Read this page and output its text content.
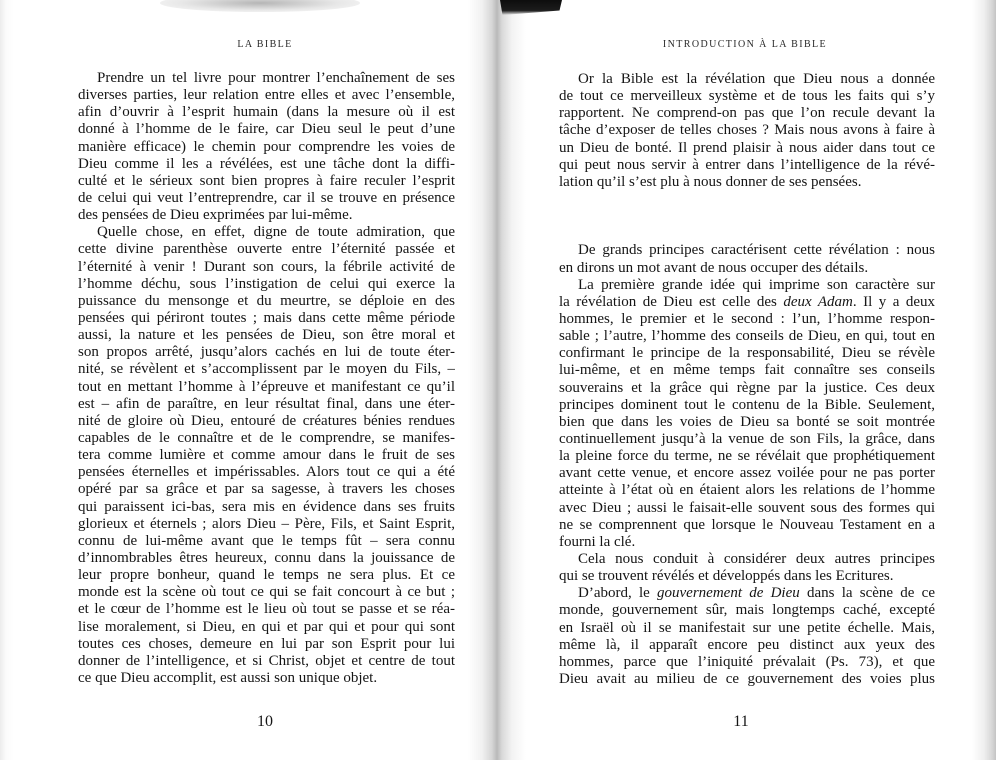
LA BIBLE
Prendre un tel livre pour montrer l’enchaînement de ses
diverses parties, leur relation entre elles et avec l’ensemble,
afin d’ouvrir à l’esprit humain (dans la mesure où il est
donné à l’homme de le faire, car Dieu seul le peut d’une
manière efficace) le chemin pour comprendre les voies de
Dieu comme il les a révélées, est une tâche dont la diffi-
culté et le sérieux sont bien propres à faire reculer l’esprit
de celui qui veut l’entreprendre, car il se trouve en présence
des pensées de Dieu exprimées par lui-même.
Quelle chose, en effet, digne de toute admiration, que
cette divine parenthèse ouverte entre l’éternité passée et
l’éternité à venir ! Durant son cours, la fébrile activité de
l’homme déchu, sous l’instigation de celui qui exerce la
puissance du mensonge et du meurtre, se déploie en des
pensées qui périront toutes ; mais dans cette même période
aussi, la nature et les pensées de Dieu, son être moral et
son propos arrêté, jusqu’alors cachés en lui de toute éter-
nité, se révèlent et s’accomplissent par le moyen du Fils, –
tout en mettant l’homme à l’épreuve et manifestant ce qu’il
est – afin de paraître, en leur résultat final, dans une éter-
nité de gloire où Dieu, entouré de créatures bénies rendues
capables de le connaître et de le comprendre, se manifes-
tera comme lumière et comme amour dans le fruit de ses
pensées éternelles et impérissables. Alors tout ce qui a été
opéré par sa grâce et par sa sagesse, à travers les choses
qui paraissent ici-bas, sera mis en évidence dans ses fruits
glorieux et éternels ; alors Dieu – Père, Fils, et Saint Esprit,
connu de lui-même avant que le temps fût – sera connu
d’innombrables êtres heureux, connu dans la jouissance de
leur propre bonheur, quand le temps ne sera plus. Et ce
monde est la scène où tout ce qui se fait concourt à ce but ;
et le cœur de l’homme est le lieu où tout se passe et se réa-
lise moralement, si Dieu, en qui et par qui et pour qui sont
toutes ces choses, demeure en lui par son Esprit pour lui
donner de l’intelligence, et si Christ, objet et centre de tout
ce que Dieu accomplit, est aussi son unique objet.
10
INTRODUCTION À LA BIBLE
Or la Bible est la révélation que Dieu nous a donnée
de tout ce merveilleux système et de tous les faits qui s’y
rapportent. Ne comprend-on pas que l’on recule devant la
tâche d’exposer de telles choses ? Mais nous avons à faire à
un Dieu de bonté. Il prend plaisir à nous aider dans tout ce
qui peut nous servir à entrer dans l’intelligence de la révé-
lation qu’il s’est plu à nous donner de ses pensées.
De grands principes caractérisent cette révélation : nous
en dirons un mot avant de nous occuper des détails.
La première grande idée qui imprime son caractère sur
la révélation de Dieu est celle des deux Adam. Il y a deux
hommes, le premier et le second : l’un, l’homme respon-
sable ; l’autre, l’homme des conseils de Dieu, en qui, tout en
confirmant le principe de la responsabilité, Dieu se révèle
lui-même, et en même temps fait connaître ses conseils
souverains et la grâce qui règne par la justice. Ces deux
principes dominent tout le contenu de la Bible. Seulement,
bien que dans les voies de Dieu sa bonté se soit montrée
continuellement jusqu’à la venue de son Fils, la grâce, dans
la pleine force du terme, ne se révélait que prophétiquement
avant cette venue, et encore assez voilée pour ne pas porter
atteinte à l’état où en étaient alors les relations de l’homme
avec Dieu ; aussi le faisait-elle souvent sous des formes qui
ne se comprennent que lorsque le Nouveau Testament en a
fourni la clé.
Cela nous conduit à considérer deux autres principes
qui se trouvent révélés et développés dans les Ecritures.
D’abord, le gouvernement de Dieu dans la scène de ce
monde, gouvernement sûr, mais longtemps caché, excepté
en Israël où il se manifestait sur une petite échelle. Mais,
même là, il apparaît encore peu distinct aux yeux des
hommes, parce que l’iniquité prévalait (Ps. 73), et que
Dieu avait au milieu de ce gouvernement des voies plus
11
